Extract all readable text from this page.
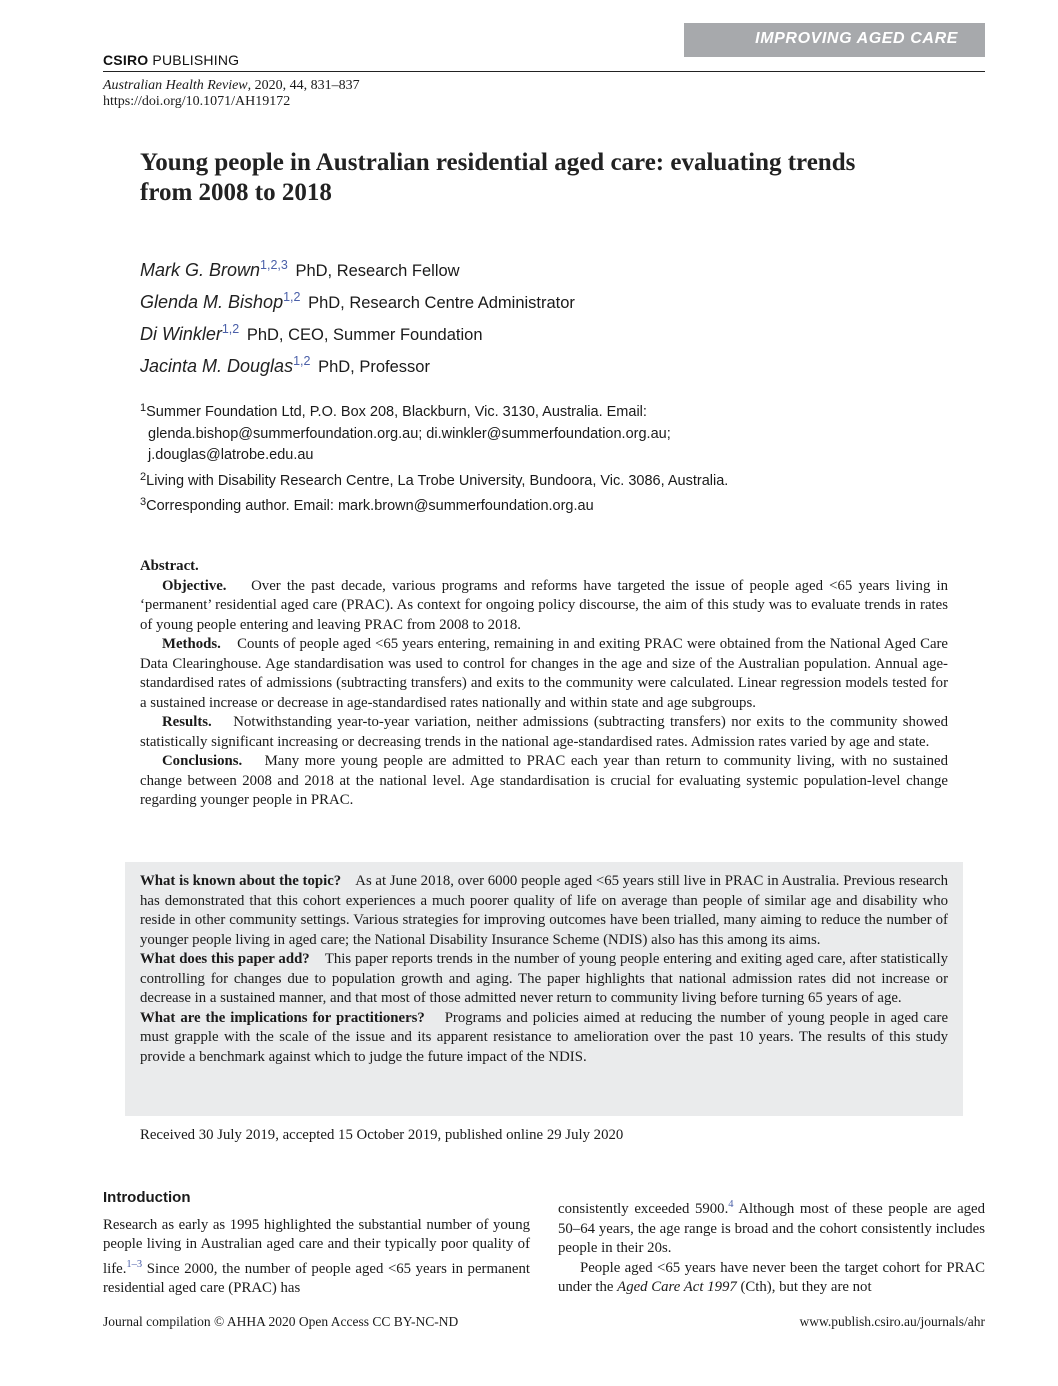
IMPROVING AGED CARE
CSIRO PUBLISHING
Australian Health Review, 2020, 44, 831–837
https://doi.org/10.1071/AH19172
Young people in Australian residential aged care: evaluating trends from 2008 to 2018
Mark G. Brown$^{1,2,3}$ PhD, Research Fellow
Glenda M. Bishop$^{1,2}$ PhD, Research Centre Administrator
Di Winkler$^{1,2}$ PhD, CEO, Summer Foundation
Jacinta M. Douglas$^{1,2}$ PhD, Professor
$^1$Summer Foundation Ltd, P.O. Box 208, Blackburn, Vic. 3130, Australia. Email:
glenda.bishop@summerfoundation.org.au; di.winkler@summerfoundation.org.au;
j.douglas@latrobe.edu.au
$^2$Living with Disability Research Centre, La Trobe University, Bundoora, Vic. 3086, Australia.
$^3$Corresponding author. Email: mark.brown@summerfoundation.org.au
Abstract.

Objective. Over the past decade, various programs and reforms have targeted the issue of people aged <65 years living in ‘permanent’ residential aged care (PRAC). As context for ongoing policy discourse, the aim of this study was to evaluate trends in rates of young people entering and leaving PRAC from 2008 to 2018.

Methods. Counts of people aged <65 years entering, remaining in and exiting PRAC were obtained from the National Aged Care Data Clearinghouse. Age standardisation was used to control for changes in the age and size of the Australian population. Annual age-standardised rates of admissions (subtracting transfers) and exits to the community were calculated. Linear regression models tested for a sustained increase or decrease in age-standardised rates nationally and within state and age subgroups.

Results. Notwithstanding year-to-year variation, neither admissions (subtracting transfers) nor exits to the community showed statistically significant increasing or decreasing trends in the national age-standardised rates. Admission rates varied by age and state.

Conclusions. Many more young people are admitted to PRAC each year than return to community living, with no sustained change between 2008 and 2018 at the national level. Age standardisation is crucial for evaluating systemic population-level change regarding younger people in PRAC.

What is known about the topic? As at June 2018, over 6000 people aged <65 years still live in PRAC in Australia. Previous research has demonstrated that this cohort experiences a much poorer quality of life on average than people of similar age and disability who reside in other community settings. Various strategies for improving outcomes have been trialled, many aiming to reduce the number of younger people living in aged care; the National Disability Insurance Scheme (NDIS) also has this among its aims.

What does this paper add? This paper reports trends in the number of young people entering and exiting aged care, after statistically controlling for changes due to population growth and aging. The paper highlights that national admission rates did not increase or decrease in a sustained manner, and that most of those admitted never return to community living before turning 65 years of age.

What are the implications for practitioners? Programs and policies aimed at reducing the number of young people in aged care must grapple with the scale of the issue and its apparent resistance to amelioration over the past 10 years. The results of this study provide a benchmark against which to judge the future impact of the NDIS.

Received 30 July 2019, accepted 15 October 2019, published online 29 July 2020
Introduction

Research as early as 1995 highlighted the substantial number of young people living in Australian aged care and their typically poor quality of life.$^{1-3}$ Since 2000, the number of people aged <65 years in permanent residential aged care (PRAC) has

consistently exceeded 5900.$^4$ Although most of these people are aged 50–64 years, the age range is broad and the cohort consistently includes people in their 20s.

People aged <65 years have never been the target cohort for PRAC under the Aged Care Act 1997 (Cth), but they are not

Journal compilation © AHHA 2020 Open Access CC BY-NC-ND	www.publish.csiro.au/journals/ahr
